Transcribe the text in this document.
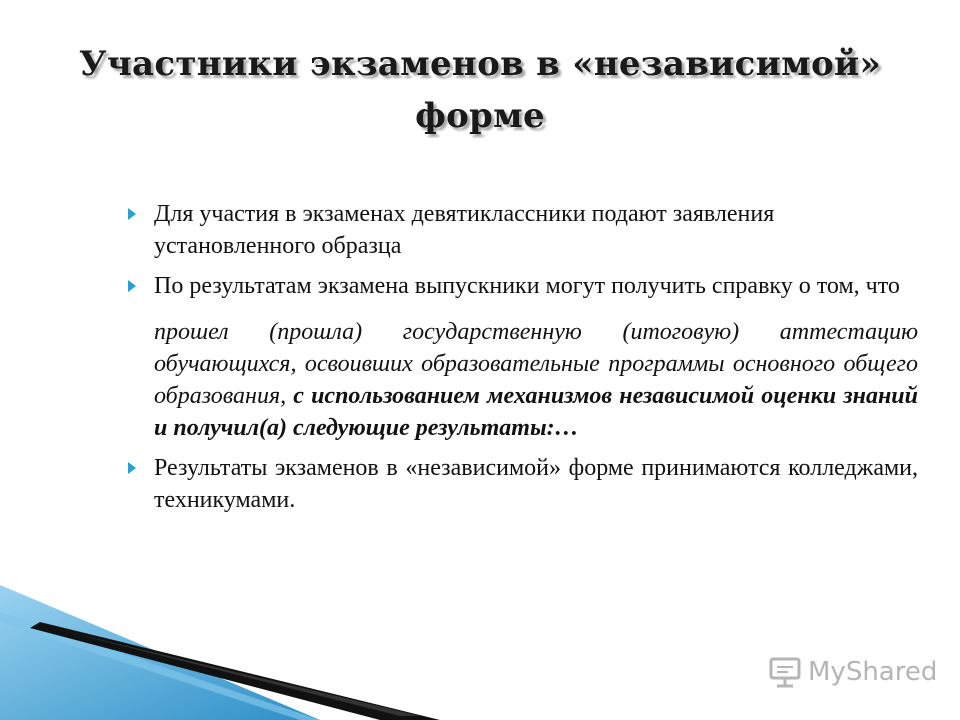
Участники экзаменов в «независимой»
форме
Для участия в экзаменах девятиклассники подают заявления установленного образца
По результатам экзамена выпускники могут получить справку о том, что
прошел (прошла) государственную (итоговую) аттестацию обучающихся, освоивших образовательные программы основного общего образования, с использованием механизмов независимой оценки знаний и получил(а) следующие результаты:…
Результаты экзаменов в «независимой» форме принимаются колледжами, техникумами.
MyShared
